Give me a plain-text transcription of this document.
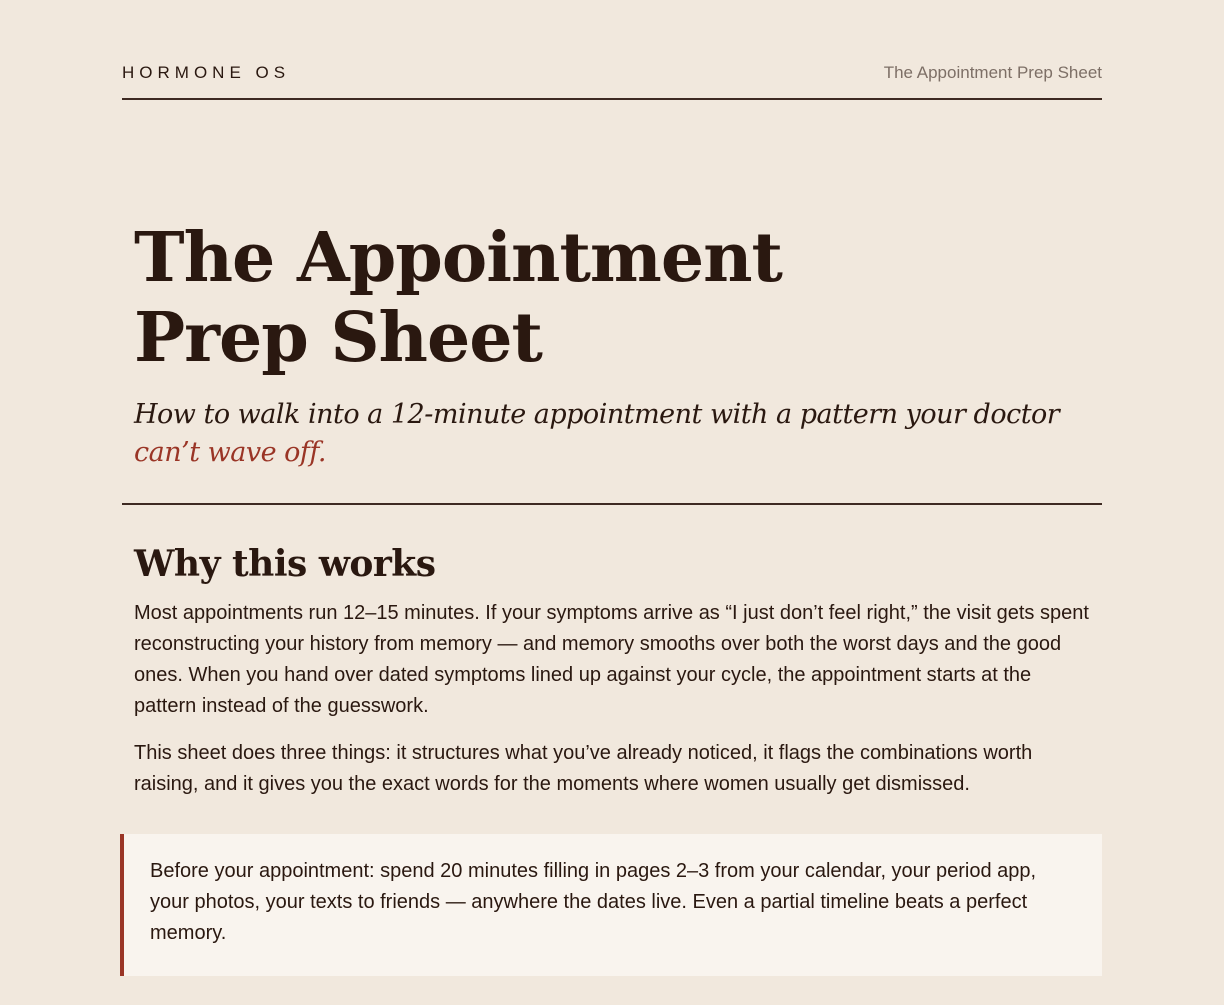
HORMONE OS	The Appointment Prep Sheet
The Appointment
Prep Sheet

How to walk into a 12-minute appointment with a pattern your doctor can’t wave off.

Why this works

Most appointments run 12–15 minutes. If your symptoms arrive as “I just don’t feel right,” the visit gets spent reconstructing your history from memory — and memory smooths over both the worst days and the good ones. When you hand over dated symptoms lined up against your cycle, the appointment starts at the pattern instead of the guesswork.

This sheet does three things: it structures what you’ve already noticed, it flags the combinations worth raising, and it gives you the exact words for the moments where women usually get dismissed.

Before your appointment: spend 20 minutes filling in pages 2–3 from your calendar, your period app, your photos, your texts to friends — anywhere the dates live. Even a partial timeline beats a perfect memory.
